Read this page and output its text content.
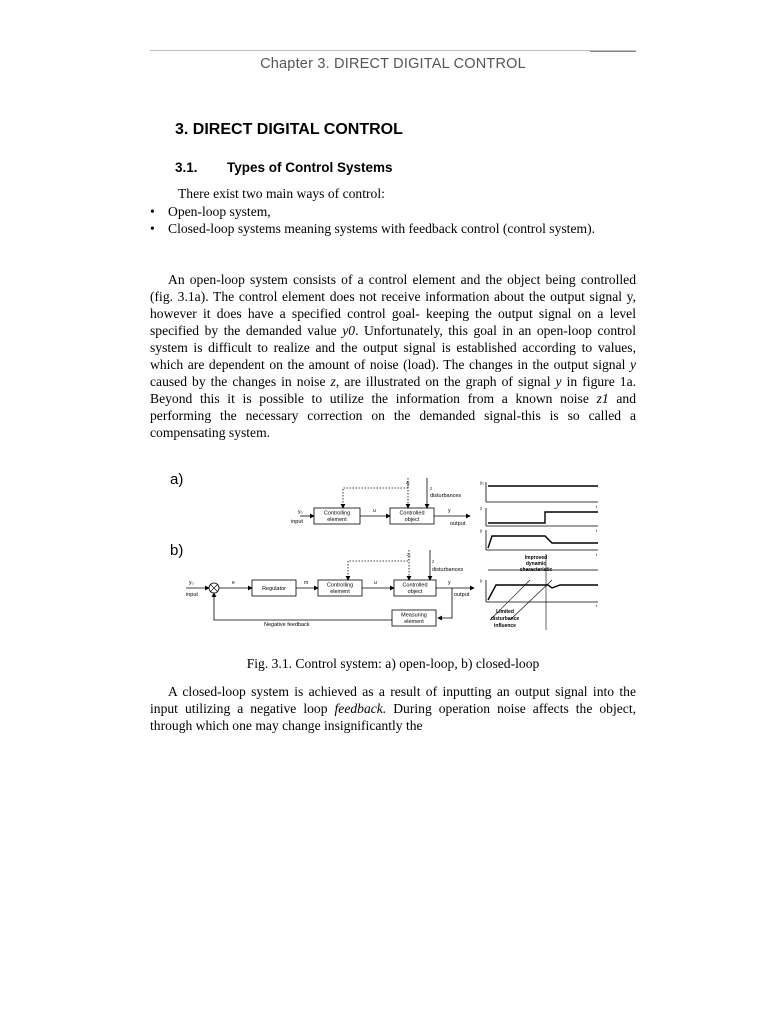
Chapter 3. DIRECT DIGITAL CONTROL
3. DIRECT DIGITAL CONTROL
3.1. Types of Control Systems
There exist two main ways of control:
• Open-loop system,
• Closed-loop systems meaning systems with feedback control (control system).

An open-loop system consists of a control element and the object being controlled (fig. 3.1a). The control element does not receive information about the output signal y, however it does have a specified control goal- keeping the output signal on a level specified by the demanded value y0. Unfortunately, this goal in an open-loop control system is difficult to realize and the output signal is established according to values, which are dependent on the amount of noise (load). The changes in the output signal y caused by the changes in noise z, are illustrated on the graph of signal y in figure 1a. Beyond this it is possible to utilize the information from a known noise z1 and performing the necessary correction on the demanded signal-this is so called a compensating system.

a)
b)
y₀
input
Controlling
element
u	Controlled
object
y
output
z₁
z
disturbances
y₀
input
e
Regulator
m	Controlling
element
u	Controlled
object
y
output
Measuring
element
Negative feedback
z₁
z
disturbances
y₀
z
y
y
t
t
t
t
Improved
dynamic
characteristic
Limited
disturbance
influence
Fig. 3.1. Control system: a) open-loop, b) closed-loop

A closed-loop system is achieved as a result of inputting an output signal into the input utilizing a negative loop feedback. During operation noise affects the object, through which one may change insignificantly the
